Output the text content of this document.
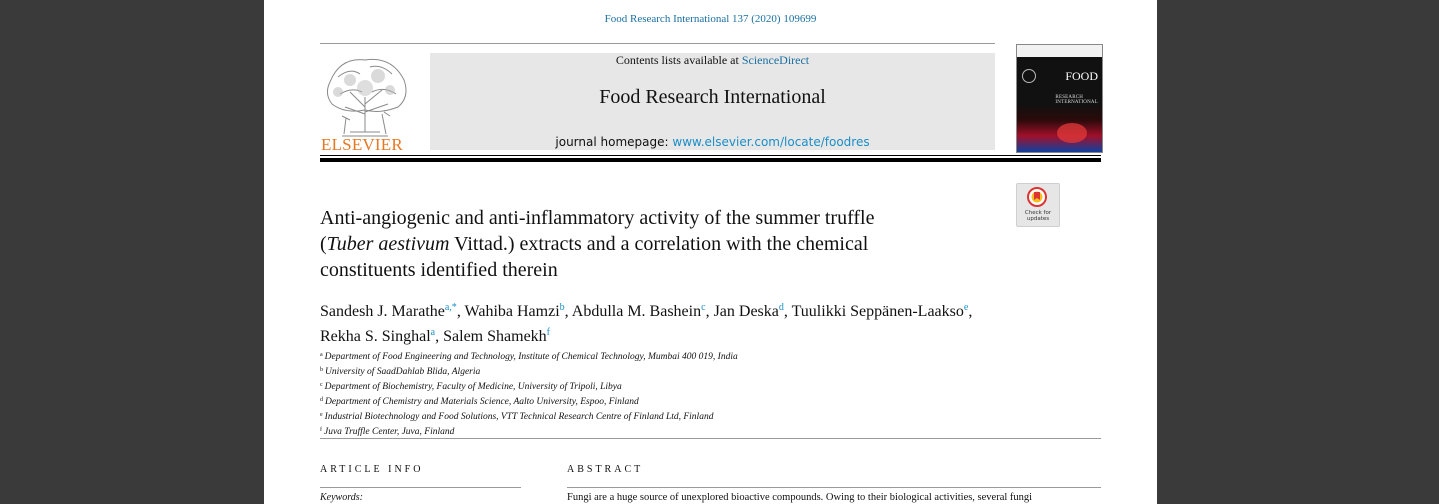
Food Research International 137 (2020) 109699
ELSEVIER
Contents lists available at ScienceDirect
Food Research International
journal homepage: www.elsevier.com/locate/foodres
FOOD
RESEARCH
INTERNATIONAL
Check for
updates
Anti-angiogenic and anti-inflammatory activity of the summer truffle
(Tuber aestivum Vittad.) extracts and a correlation with the chemical
constituents identified therein
Sandesh J. Marathe$^{a,*}$, Wahiba Hamzi$^b$, Abdulla M. Bashein$^c$, Jan Deska$^d$, Tuulikki Seppänen-Laakso$^e$, Rekha S. Singhal$^a$, Salem Shamekh$^f$
$^a$ Department of Food Engineering and Technology, Institute of Chemical Technology, Mumbai 400 019, India
$^b$ University of SaadDahlab Blida, Algeria
$^c$ Department of Biochemistry, Faculty of Medicine, University of Tripoli, Libya
$^d$ Department of Chemistry and Materials Science, Aalto University, Espoo, Finland
$^e$ Industrial Biotechnology and Food Solutions, VTT Technical Research Centre of Finland Ltd, Finland
$^f$ Juva Truffle Center, Juva, Finland
ARTICLE INFO	ABSTRACT
Keywords:	Fungi are a huge source of unexplored bioactive compounds. Owing to their biological activities, several fungi
